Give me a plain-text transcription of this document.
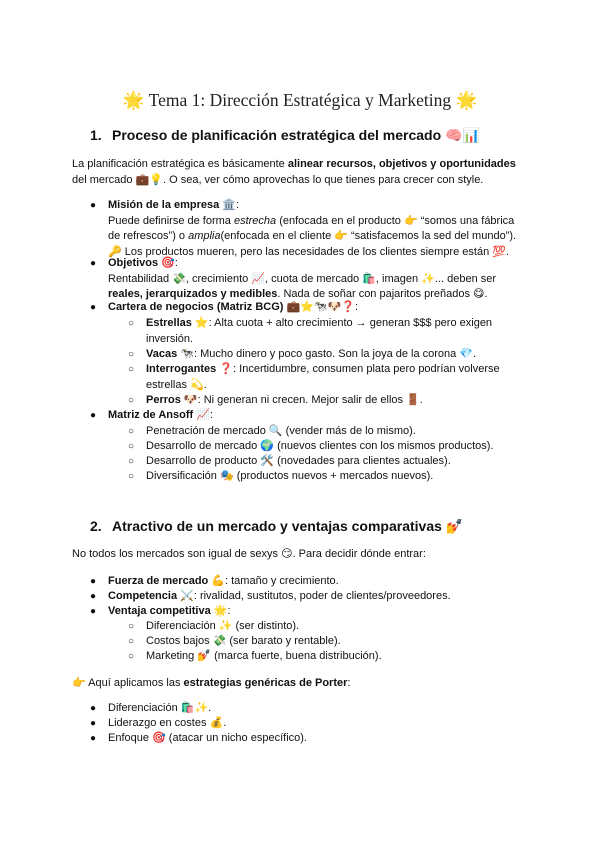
🌟 Tema 1: Dirección Estratégica y Marketing 🌟
1. Proceso de planificación estratégica del mercado 🧠📊
La planificación estratégica es básicamente alinear recursos, objetivos y oportunidades del mercado 💼💡. O sea, ver cómo aprovechas lo que tienes para crecer con style.
● Misión de la empresa 🏛️:
Puede definirse de forma estrecha (enfocada en el producto 👉 “somos una fábrica de refrescos”) o amplia(enfocada en el cliente 👉 “satisfacemos la sed del mundo”).
🔑 Los productos mueren, pero las necesidades de los clientes siempre están 💯.
● Objetivos 🎯:
Rentabilidad 💸, crecimiento 📈, cuota de mercado 🛍️, imagen ✨... deben ser reales, jerarquizados y medibles. Nada de soñar con pajaritos preñados 😋.
● Cartera de negocios (Matriz BCG) 💼⭐🐄🐶❓:
○ Estrellas ⭐: Alta cuota + alto crecimiento → generan $$$ pero exigen inversión.
○ Vacas 🐄: Mucho dinero y poco gasto. Son la joya de la corona 💎.
○ Interrogantes ❓: Incertidumbre, consumen plata pero podrían volverse estrellas 💫.
○ Perros 🐶: Ni generan ni crecen. Mejor salir de ellos 🚪.
● Matriz de Ansoff 📈:
○ Penetración de mercado 🔍 (vender más de lo mismo).
○ Desarrollo de mercado 🌍 (nuevos clientes con los mismos productos).
○ Desarrollo de producto 🛠️ (novedades para clientes actuales).
○ Diversificación 🎭 (productos nuevos + mercados nuevos).
2. Atractivo de un mercado y ventajas comparativas 💅
No todos los mercados son igual de sexys 😏. Para decidir dónde entrar:
● Fuerza de mercado 💪: tamaño y crecimiento.
● Competencia ⚔️: rivalidad, sustitutos, poder de clientes/proveedores.
● Ventaja competitiva 🌟:
○ Diferenciación ✨ (ser distinto).
○ Costos bajos 💸 (ser barato y rentable).
○ Marketing 💅 (marca fuerte, buena distribución).
👉 Aquí aplicamos las estrategias genéricas de Porter:
● Diferenciación 🛍️✨.
● Liderazgo en costes 💰.
● Enfoque 🎯 (atacar un nicho específico).
